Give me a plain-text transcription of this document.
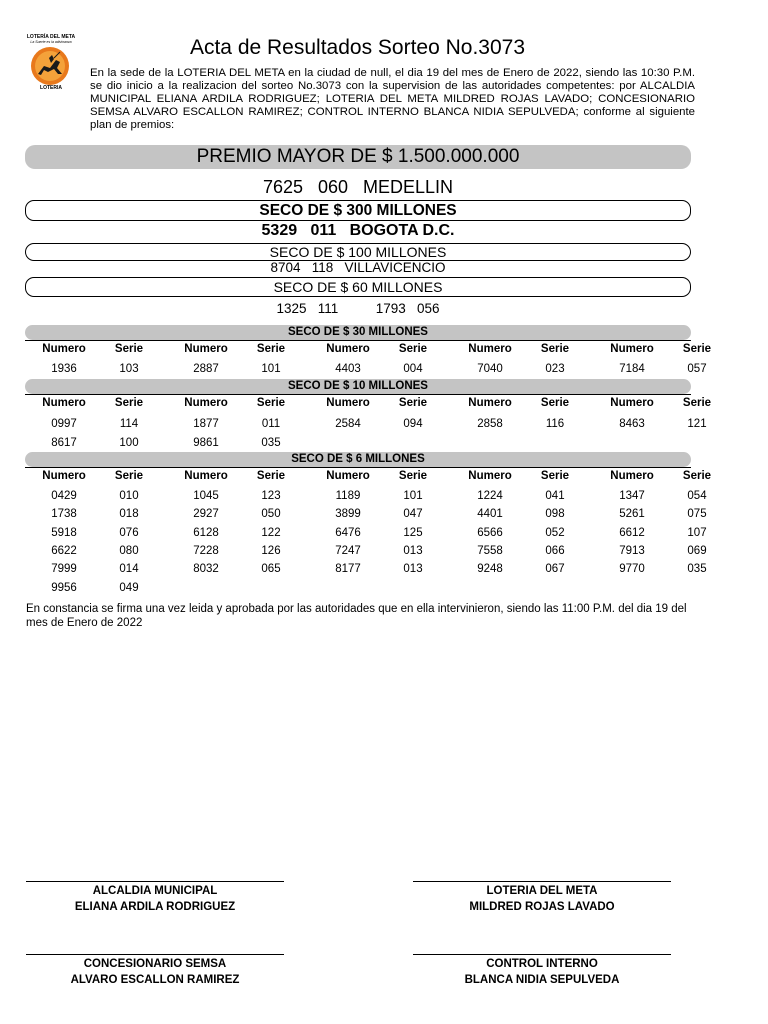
LOTERÍA DEL META
La Suerte es la adivinanza
LOTERIA
Acta de Resultados Sorteo No.3073
En la sede de la LOTERIA DEL META en la ciudad de null, el dia 19 del mes de Enero de 2022, siendo las 10:30 P.M. se dio inicio a la realizacion del sorteo No.3073 con la supervision de las autoridades competentes: por ALCALDIA MUNICIPAL ELIANA ARDILA RODRIGUEZ; LOTERIA DEL META MILDRED ROJAS LAVADO; CONCESIONARIO SEMSA ALVARO ESCALLON RAMIREZ; CONTROL INTERNO BLANCA NIDIA SEPULVEDA; conforme al siguiente plan de premios:
PREMIO MAYOR DE $ 1.500.000.000
7625   060   MEDELLIN
SECO DE $ 300 MILLONES
5329   011   BOGOTA D.C.
SECO DE $ 100 MILLONES
8704   118   VILLAVICENCIO
SECO DE $ 60 MILLONES
1325   111          1793   056
SECO DE $ 30 MILLONES
Numero	Serie	Numero	Serie	Numero	Serie	Numero	Serie	Numero	Serie
1936	103	2887	101	4403	004	7040	023	7184	057
SECO DE $ 10 MILLONES
Numero	Serie	Numero	Serie	Numero	Serie	Numero	Serie	Numero	Serie
0997	114	1877	011	2584	094	2858	116	8463	121
8617	100	9861	035
SECO DE $ 6 MILLONES
Numero	Serie	Numero	Serie	Numero	Serie	Numero	Serie	Numero	Serie
0429	010	1045	123	1189	101	1224	041	1347	054
1738	018	2927	050	3899	047	4401	098	5261	075
5918	076	6128	122	6476	125	6566	052	6612	107
6622	080	7228	126	7247	013	7558	066	7913	069
7999	014	8032	065	8177	013	9248	067	9770	035
9956	049
En constancia se firma una vez leida y aprobada por las autoridades que en ella intervinieron, siendo las 11:00 P.M. del dia 19 del mes de Enero de 2022
ALCALDIA MUNICIPAL
ELIANA ARDILA RODRIGUEZ
LOTERIA DEL META
MILDRED ROJAS LAVADO
CONCESIONARIO SEMSA
ALVARO ESCALLON RAMIREZ
CONTROL INTERNO
BLANCA NIDIA SEPULVEDA
